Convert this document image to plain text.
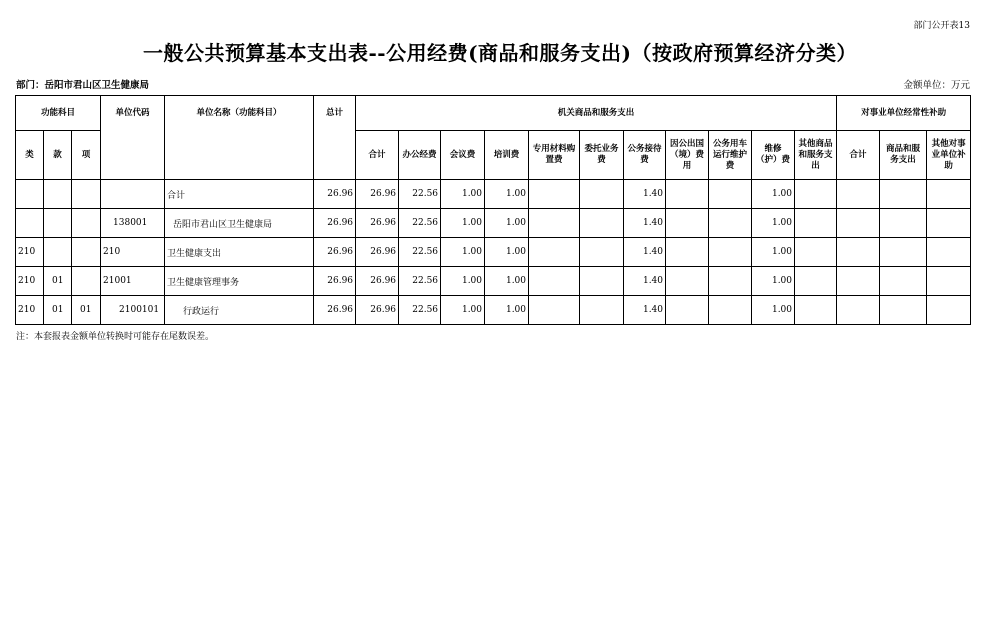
部门公开表13
一般公共预算基本支出表--公用经费(商品和服务支出)（按政府预算经济分类）
部门：岳阳市君山区卫生健康局	金额单位：万元
功能科目			单位代码	单位名称（功能科目）	总计	机关商品和服务支出											对事业单位经常性补助		
类	款	项				合计	办公经费	会议费	培训费	专用材料购置费	委托业务费	公务接待费	因公出国（境）费用	公务用车运行维护费	维修（护）费	其他商品和服务支出	合计	商品和服务支出	其他对事业单位补助
				合计	26.96	26.96	22.56	1.00	1.00			1.40			1.00				
			138001	岳阳市君山区卫生健康局	26.96	26.96	22.56	1.00	1.00			1.40			1.00				
210			210	卫生健康支出	26.96	26.96	22.56	1.00	1.00			1.40			1.00				
210	01		21001	卫生健康管理事务	26.96	26.96	22.56	1.00	1.00			1.40			1.00				
210	01	01	2100101	行政运行	26.96	26.96	22.56	1.00	1.00			1.40			1.00				
注：本套报表金额单位转换时可能存在尾数误差。
